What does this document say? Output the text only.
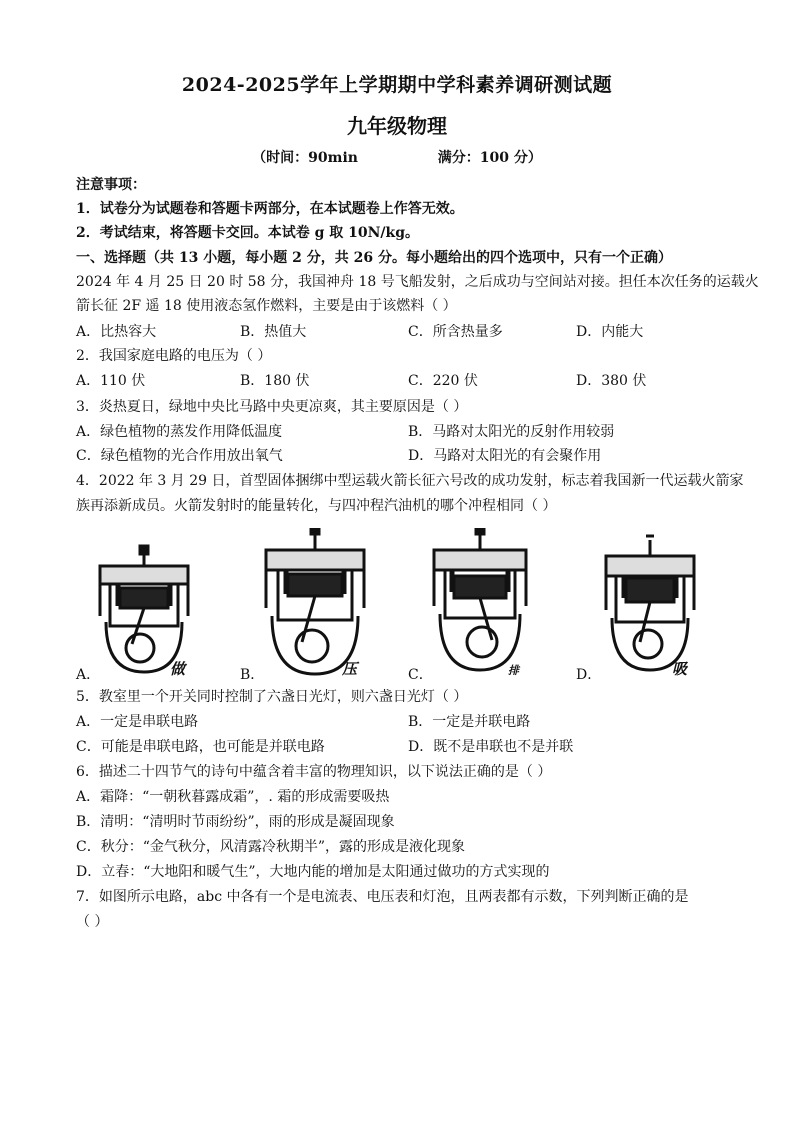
2024-2025学年上学期期中学科素养调研测试题
九年级物理
（时间：90min	满分：100 分）
注意事项：
1．试卷分为试题卷和答题卡两部分，在本试题卷上作答无效。
2．考试结束，将答题卡交回。本试卷 g 取 10N/kg。
一、选择题（共 13 小题，每小题 2 分，共 26 分。每小题给出的四个选项中，只有一个正确）
2024 年 4 月 25 日 20 时 58 分，我国神舟 18 号飞船发射，之后成功与空间站对接。担任本次任务的运载火
箭长征 2F 遥 18 使用液态氢作燃料，主要是由于该燃料（ ）
A．比热容大	B．热值大	C．所含热量多	D．内能大
2．我国家庭电路的电压为（ ）
A．110 伏	B．180 伏	C．220 伏	D．380 伏
3．炎热夏日，绿地中央比马路中央更凉爽，其主要原因是（ ）
A．绿色植物的蒸发作用降低温度	B．马路对太阳光的反射作用较弱
C．绿色植物的光合作用放出氧气	D．马路对太阳光的有会聚作用
4．2022 年 3 月 29 日，首型固体捆绑中型运载火箭长征六号改的成功发射，标志着我国新一代运载火箭家
族再添新成员。火箭发射时的能量转化，与四冲程汽油机的哪个冲程相同（ ）
A．	做	B．	压	C．	排	D．	吸
5．教室里一个开关同时控制了六盏日光灯，则六盏日光灯（ ）
A．一定是串联电路	B．一定是并联电路
C．可能是串联电路，也可能是并联电路	D．既不是串联也不是并联
6．描述二十四节气的诗句中蕴含着丰富的物理知识，以下说法正确的是（ ）
A．霜降：“一朝秋暮露成霜”，. 霜的形成需要吸热
B．清明：“清明时节雨纷纷”，雨的形成是凝固现象
C．秋分：“金气秋分，风清露冷秋期半”，露的形成是液化现象
D．立春：“大地阳和暖气生”，大地内能的增加是太阳通过做功的方式实现的
7．如图所示电路，abc 中各有一个是电流表、电压表和灯泡，且两表都有示数，下列判断正确的是
（ ）
